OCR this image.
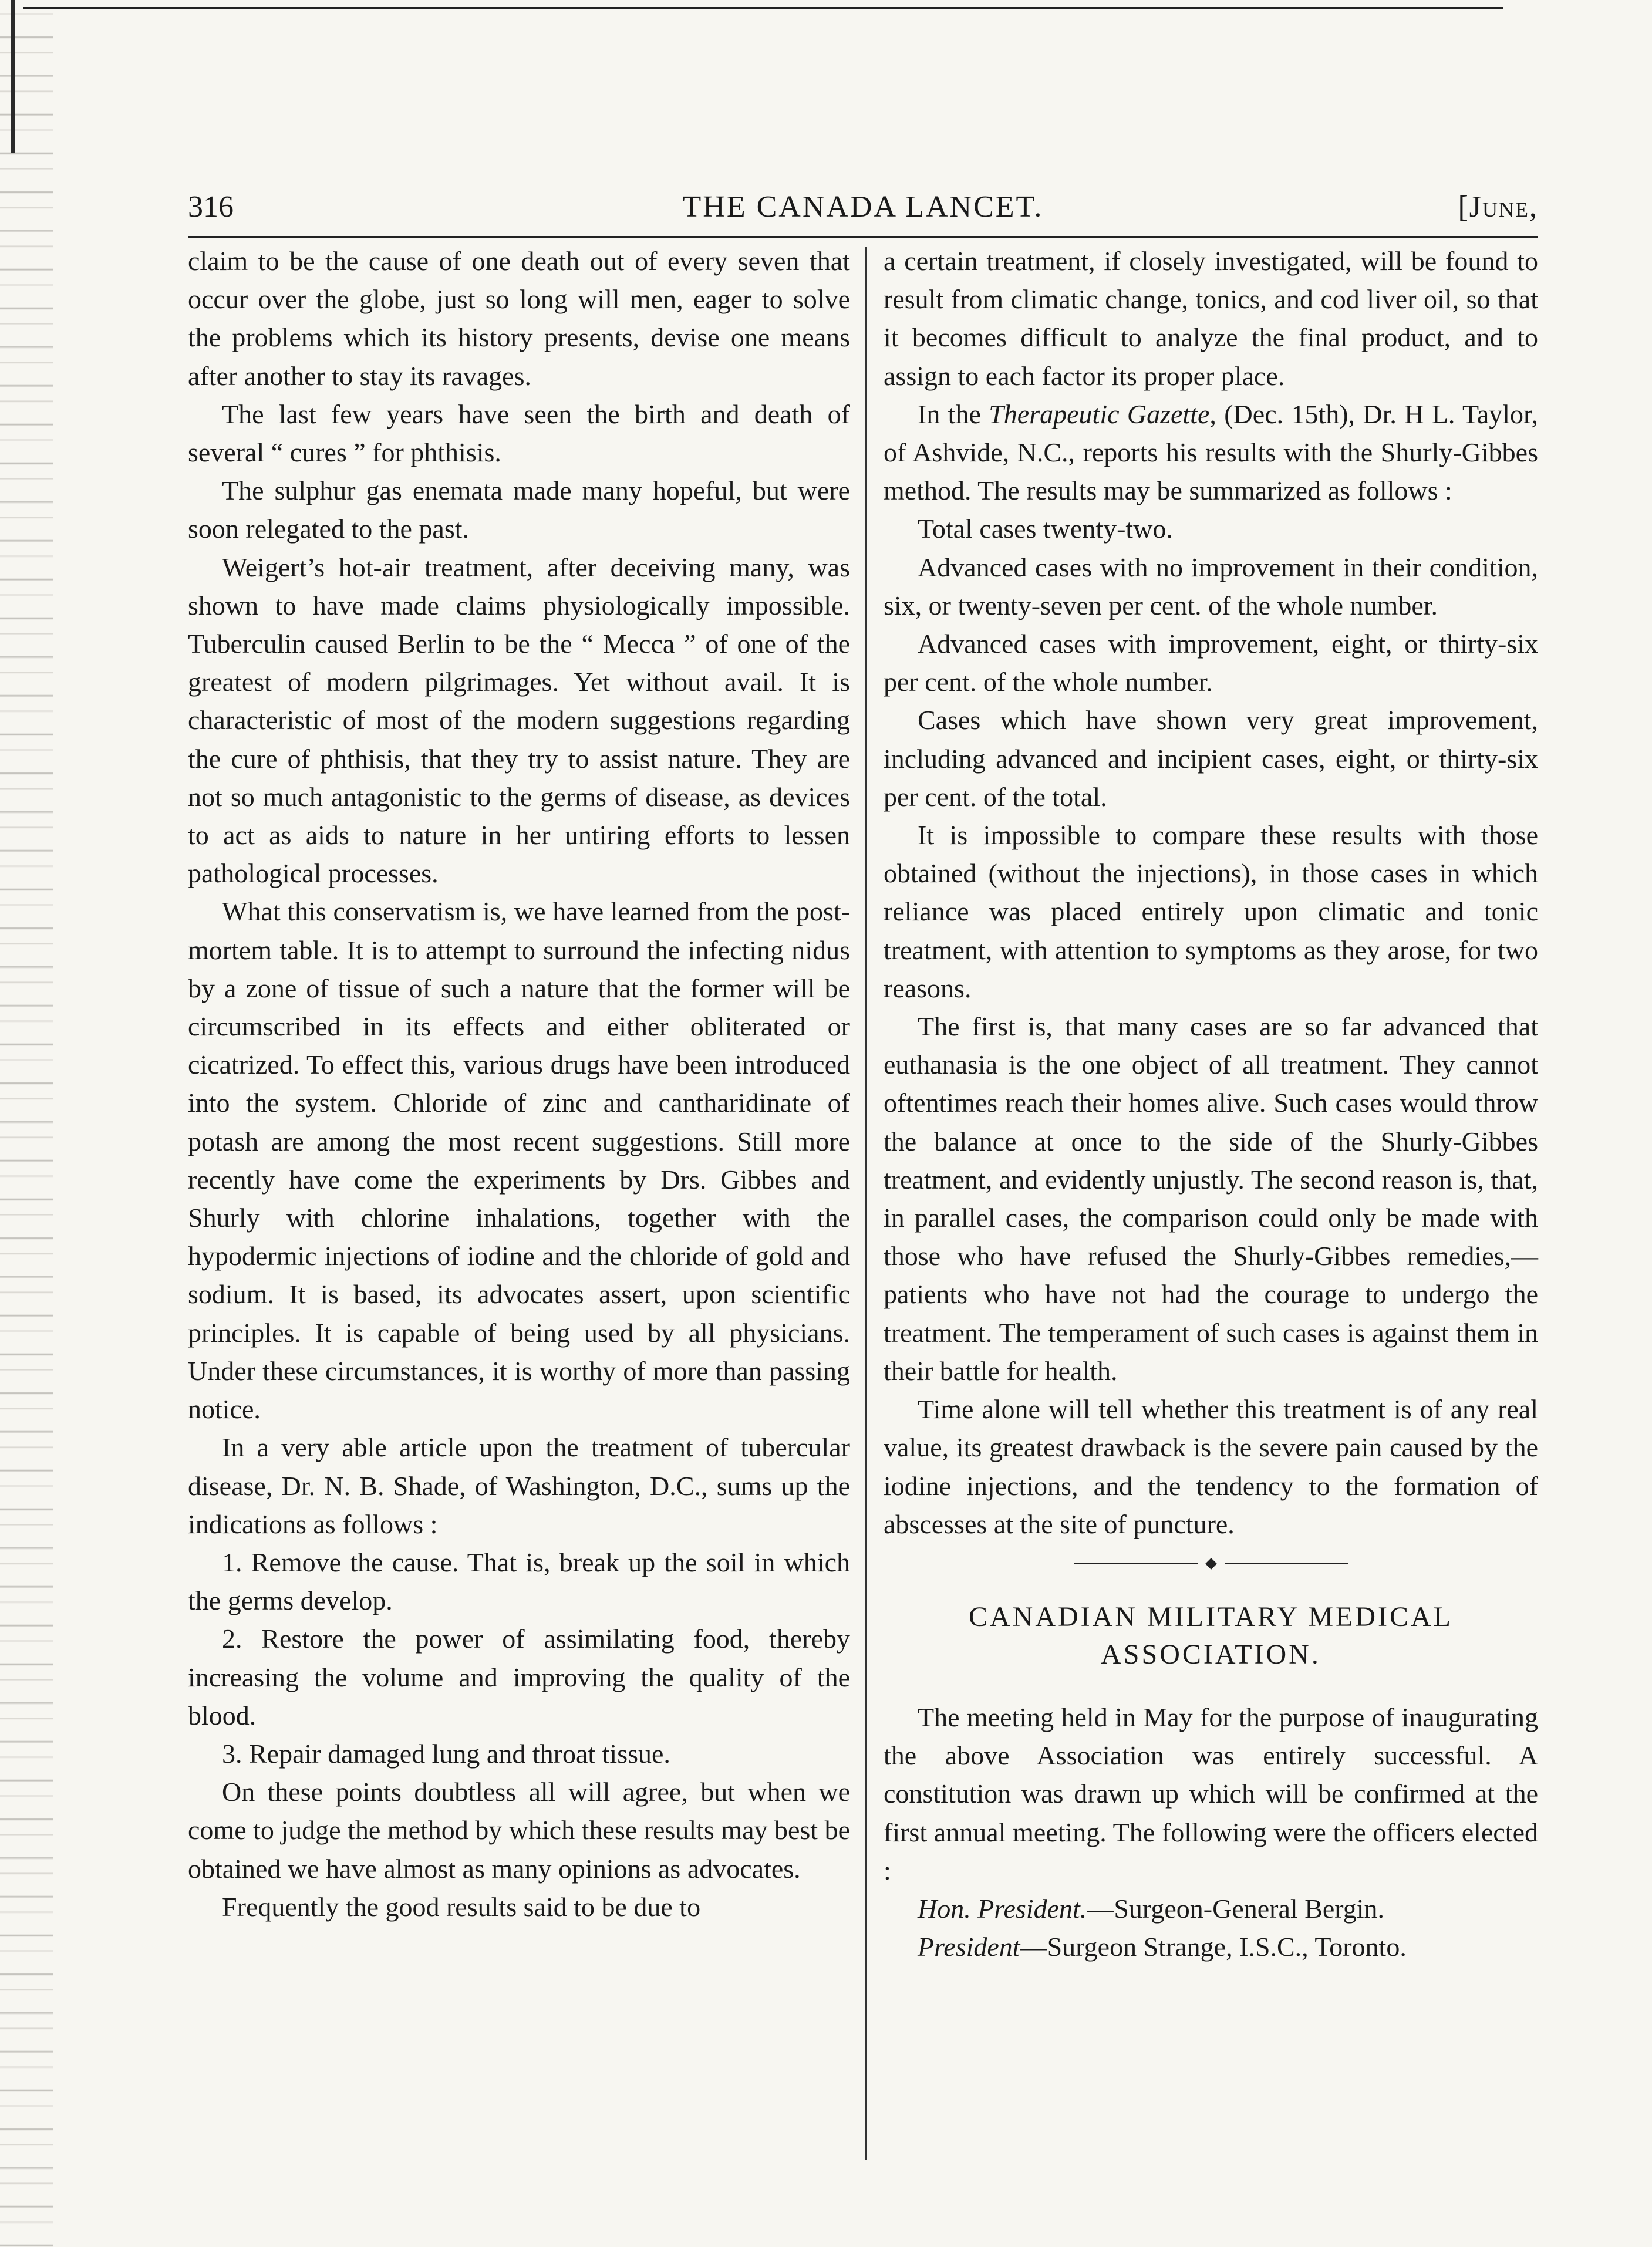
316	THE CANADA LANCET.	[June,

claim to be the cause of one death out of every seven that occur over the globe, just so long will men, eager to solve the problems which its history presents, devise one means after another to stay its ravages.

The last few years have seen the birth and death of several “ cures ” for phthisis.

The sulphur gas enemata made many hopeful, but were soon relegated to the past.

Weigert’s hot-air treatment, after deceiving many, was shown to have made claims physiologically impossible. Tuberculin caused Berlin to be the “ Mecca ” of one of the greatest of modern pilgrimages. Yet without avail. It is characteristic of most of the modern suggestions regarding the cure of phthisis, that they try to assist nature. They are not so much antagonistic to the germs of disease, as devices to act as aids to nature in her untiring efforts to lessen pathological processes.

What this conservatism is, we have learned from the post-mortem table. It is to attempt to surround the infecting nidus by a zone of tissue of such a nature that the former will be circumscribed in its effects and either obliterated or cicatrized. To effect this, various drugs have been introduced into the system. Chloride of zinc and cantharidinate of potash are among the most recent suggestions. Still more recently have come the experiments by Drs. Gibbes and Shurly with chlorine inhalations, together with the hypodermic injections of iodine and the chloride of gold and sodium. It is based, its advocates assert, upon scientific principles. It is capable of being used by all physicians. Under these circumstances, it is worthy of more than passing notice.

In a very able article upon the treatment of tubercular disease, Dr. N. B. Shade, of Washington, D.C., sums up the indications as follows :

1. Remove the cause. That is, break up the soil in which the germs develop.

2. Restore the power of assimilating food, thereby increasing the volume and improving the quality of the blood.

3. Repair damaged lung and throat tissue.

On these points doubtless all will agree, but when we come to judge the method by which these results may best be obtained we have almost as many opinions as advocates.

Frequently the good results said to be due to

a certain treatment, if closely investigated, will be found to result from climatic change, tonics, and cod liver oil, so that it becomes difficult to analyze the final product, and to assign to each factor its proper place.

In the Therapeutic Gazette, (Dec. 15th), Dr. H L. Taylor, of Ashvide, N.C., reports his results with the Shurly-Gibbes method. The results may be summarized as follows :

Total cases twenty-two.

Advanced cases with no improvement in their condition, six, or twenty-seven per cent. of the whole number.

Advanced cases with improvement, eight, or thirty-six per cent. of the whole number.

Cases which have shown very great improvement, including advanced and incipient cases, eight, or thirty-six per cent. of the total.

It is impossible to compare these results with those obtained (without the injections), in those cases in which reliance was placed entirely upon climatic and tonic treatment, with attention to symptoms as they arose, for two reasons.

The first is, that many cases are so far advanced that euthanasia is the one object of all treatment. They cannot oftentimes reach their homes alive. Such cases would throw the balance at once to the side of the Shurly-Gibbes treatment, and evidently unjustly. The second reason is, that, in parallel cases, the comparison could only be made with those who have refused the Shurly-Gibbes remedies,—patients who have not had the courage to undergo the treatment. The temperament of such cases is against them in their battle for health.

Time alone will tell whether this treatment is of any real value, its greatest drawback is the severe pain caused by the iodine injections, and the tendency to the formation of abscesses at the site of puncture.

CANADIAN MILITARY MEDICAL ASSOCIATION.

The meeting held in May for the purpose of inaugurating the above Association was entirely successful. A constitution was drawn up which will be confirmed at the first annual meeting. The following were the officers elected :

Hon. President.—Surgeon-General Bergin.

President—Surgeon Strange, I.S.C., Toronto.
